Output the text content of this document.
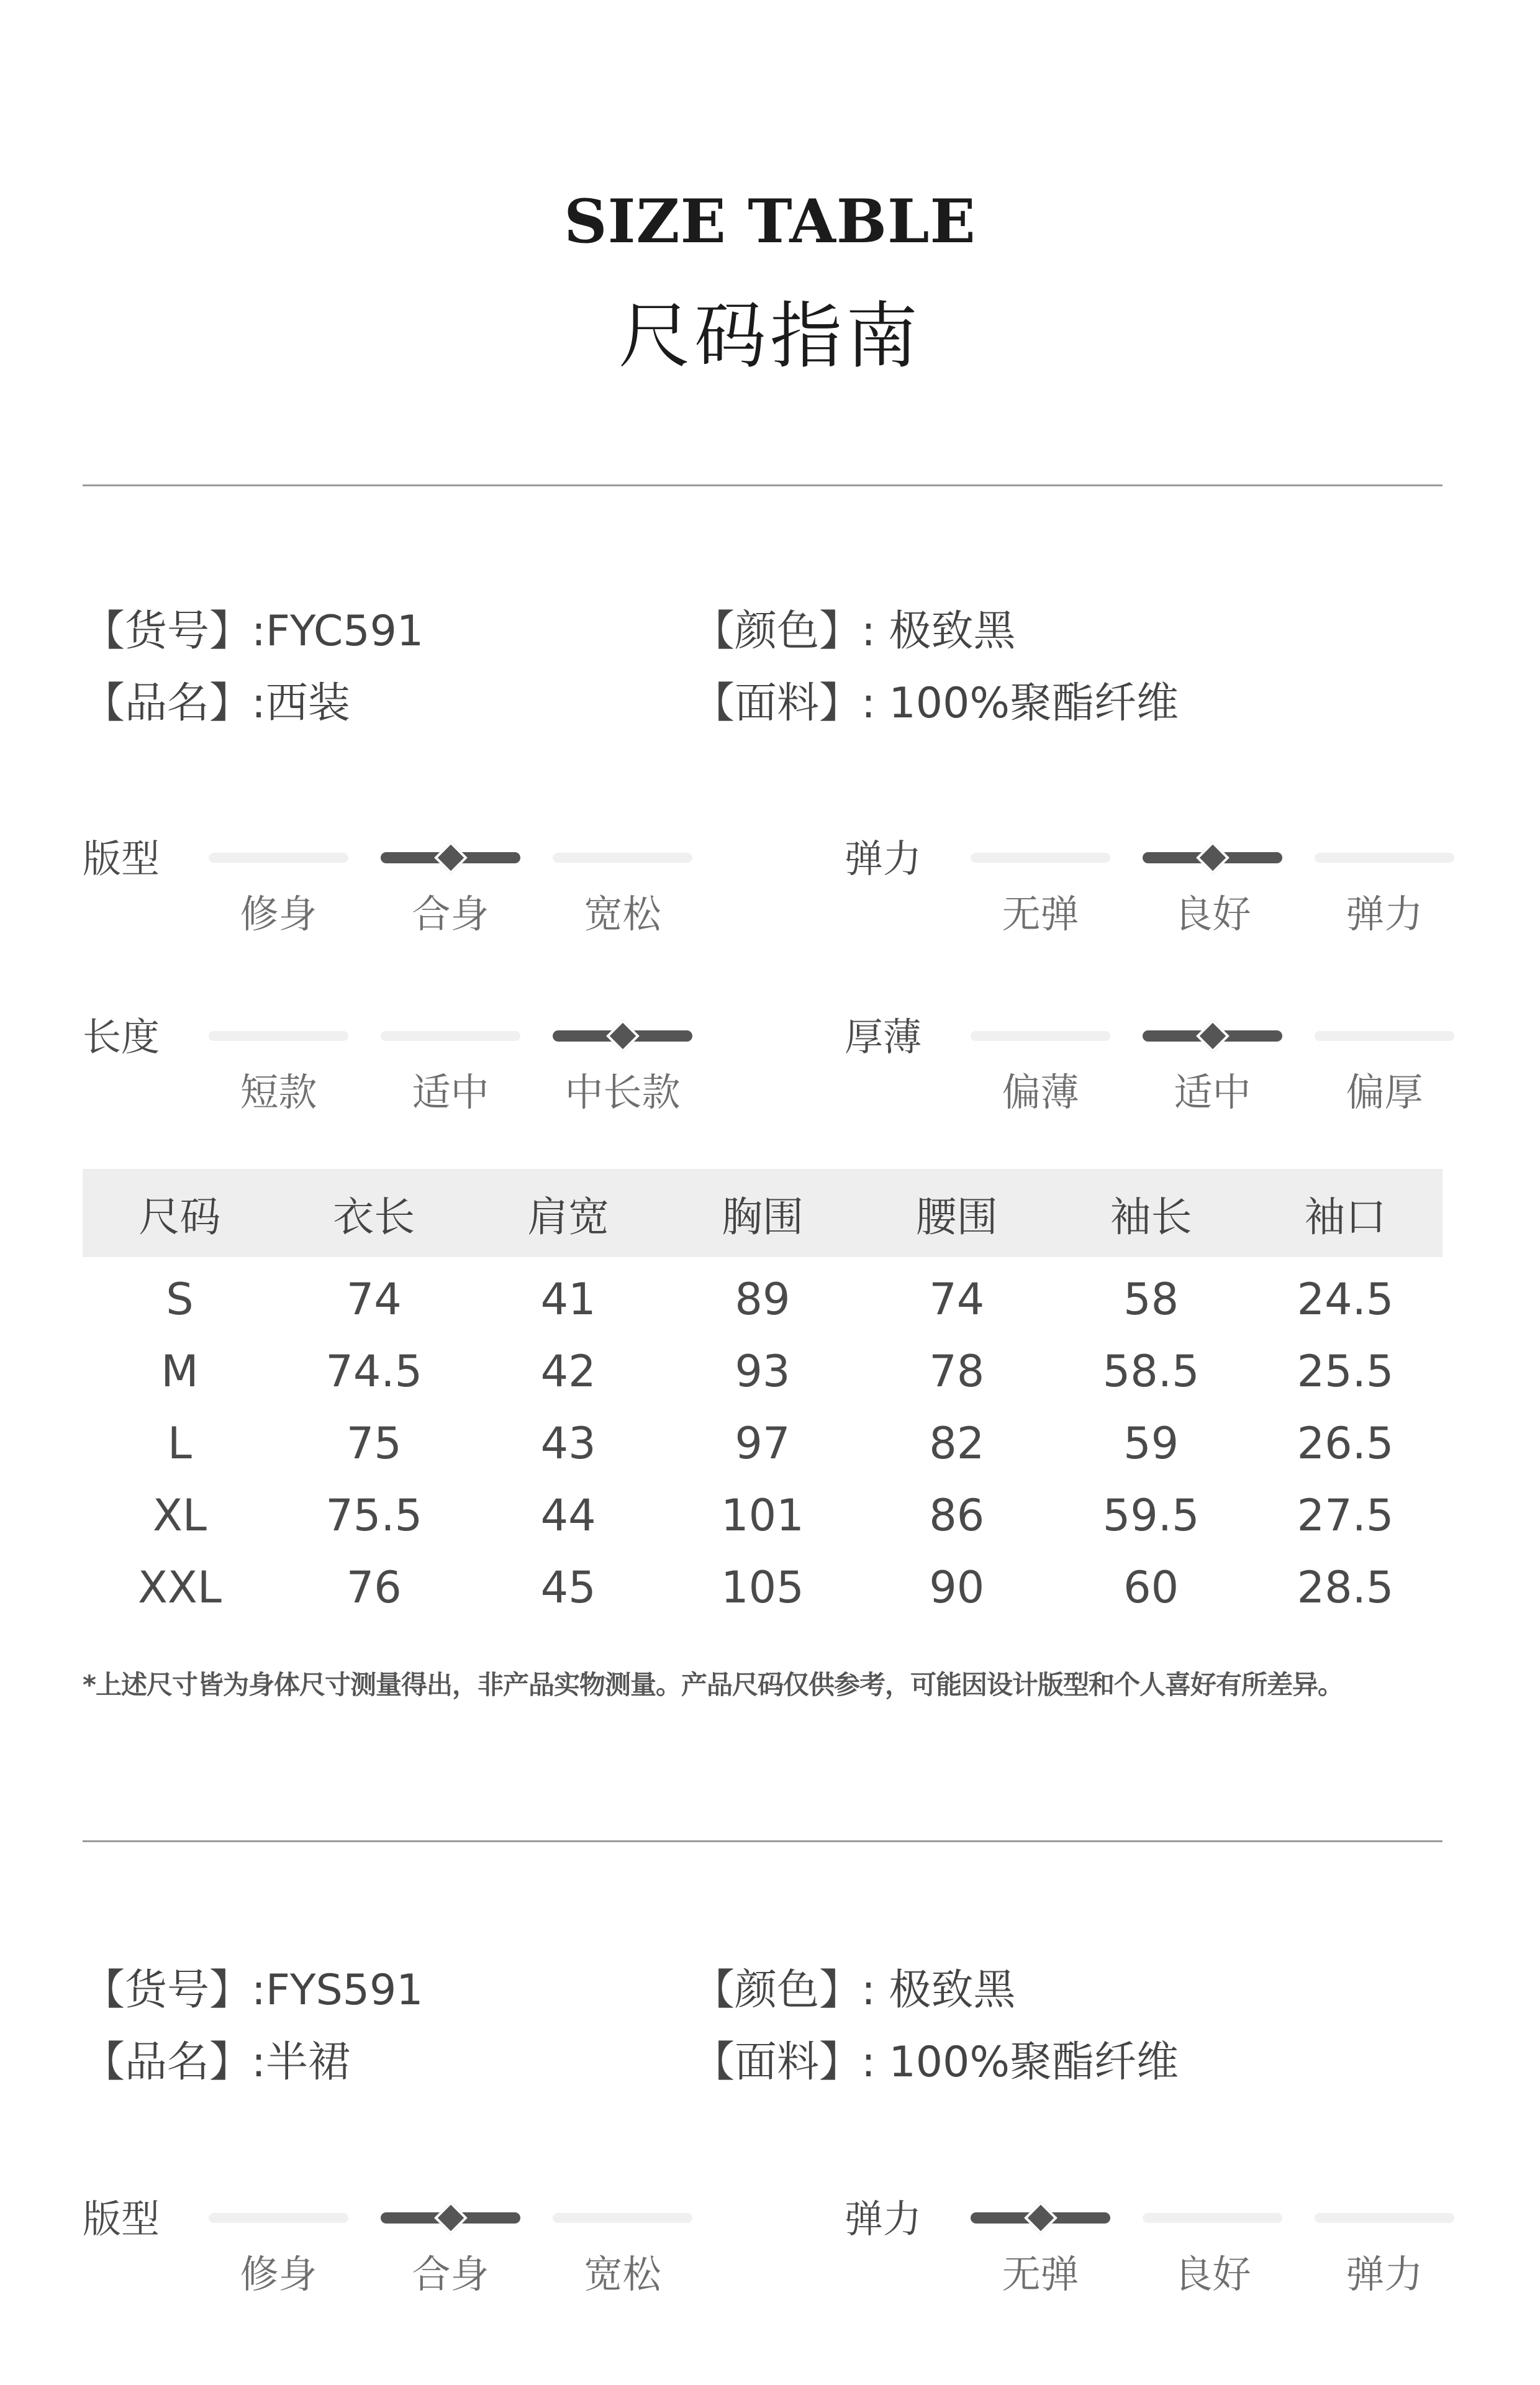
SIZE TABLE
尺码指南
【货号】:FYC591
【品名】:西装
【颜色】: 极致黑
【面料】: 100%聚酯纤维
尺码	衣长	肩宽	胸围	腰围	袖长	袖口
S	74	41	89	74	58	24.5
M	74.5	42	93	78	58.5	25.5
L	75	43	97	82	59	26.5
XL	75.5	44	101	86	59.5	27.5
XXL	76	45	105	90	60	28.5
*上述尺寸皆为身体尺寸测量得出，非产品实物测量。产品尺码仅供参考，可能因设计版型和个人喜好有所差异。
【货号】:FYS591
【品名】:半裙
【颜色】: 极致黑
【面料】: 100%聚酯纤维
版型
修身	合身	宽松
弹力
无弹	良好	弹力
长度
短款	适中	中长款
厚薄
偏薄	适中	偏厚
版型
修身	合身	宽松
弹力
无弹	良好	弹力
